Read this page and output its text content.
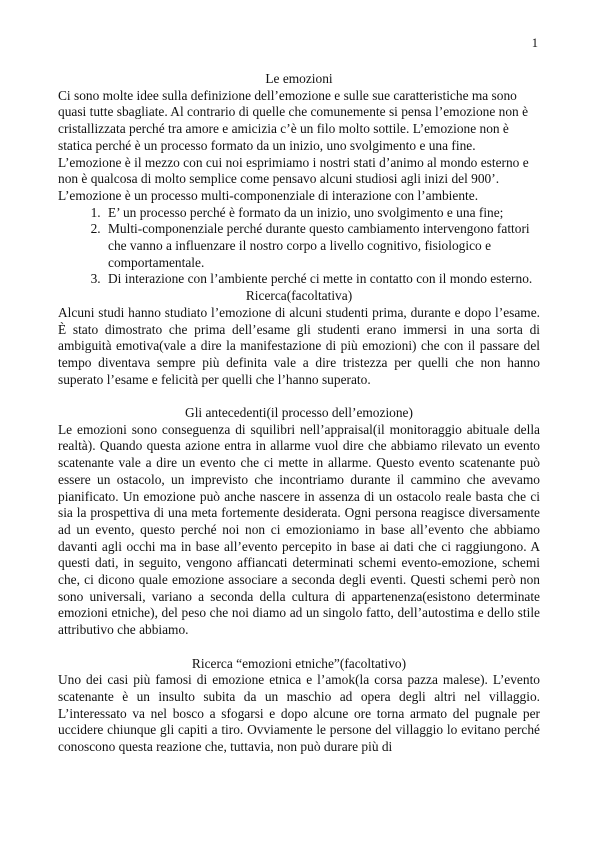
1
Le emozioni

Ci sono molte idee sulla definizione dell’emozione e sulle sue caratteristiche ma sono quasi tutte sbagliate. Al contrario di quelle che comunemente si pensa l’emozione non è cristallizzata perché tra amore e amicizia c’è un filo molto sottile. L’emozione non è statica perché è un processo formato da un inizio, uno svolgimento e una fine. L’emozione è il mezzo con cui noi esprimiamo i nostri stati d’animo al mondo esterno e non è qualcosa di molto semplice come pensavo alcuni studiosi agli inizi del 900’. L’emozione è un processo multi-componenziale di interazione con l’ambiente.

1. E’ un processo perché è formato da un inizio, uno svolgimento e una fine;
2. Multi-componenziale perché durante questo cambiamento intervengono fattori che vanno a influenzare il nostro corpo a livello cognitivo, fisiologico e comportamentale.
3. Di interazione con l’ambiente perché ci mette in contatto con il mondo esterno.

Ricerca(facoltativa)

Alcuni studi hanno studiato l’emozione di alcuni studenti prima, durante e dopo l’esame. È stato dimostrato che prima dell’esame gli studenti erano immersi in una sorta di ambiguità emotiva(vale a dire la manifestazione di più emozioni) che con il passare del tempo diventava sempre più definita vale a dire tristezza per quelli che non hanno superato l’esame e felicità per quelli che l’hanno superato.

Gli antecedenti(il processo dell’emozione)

Le emozioni sono conseguenza di squilibri nell’appraisal(il monitoraggio abituale della realtà). Quando questa azione entra in allarme vuol dire che abbiamo rilevato un evento scatenante vale a dire un evento che ci mette in allarme. Questo evento scatenante può essere un ostacolo, un imprevisto che incontriamo durante il cammino che avevamo pianificato. Un emozione può anche nascere in assenza di un ostacolo reale basta che ci sia la prospettiva di una meta fortemente desiderata. Ogni persona reagisce diversamente ad un evento, questo perché noi non ci emozioniamo in base all’evento che abbiamo davanti agli occhi ma in base all’evento percepito in base ai dati che ci raggiungono. A questi dati, in seguito, vengono affiancati determinati schemi evento-emozione, schemi che, ci dicono quale emozione associare a seconda degli eventi. Questi schemi però non sono universali, variano a seconda della cultura di appartenenza(esistono determinate emozioni etniche), del peso che noi diamo ad un singolo fatto, dell’autostima e dello stile attributivo che abbiamo.

Ricerca “emozioni etniche”(facoltativo)

Uno dei casi più famosi di emozione etnica e l’amok(la corsa pazza malese). L’evento scatenante è un insulto subita da un maschio ad opera degli altri nel villaggio. L’interessato va nel bosco a sfogarsi e dopo alcune ore torna armato del pugnale per uccidere chiunque gli capiti a tiro. Ovviamente le persone del villaggio lo evitano perché conoscono questa reazione che, tuttavia, non può durare più di
